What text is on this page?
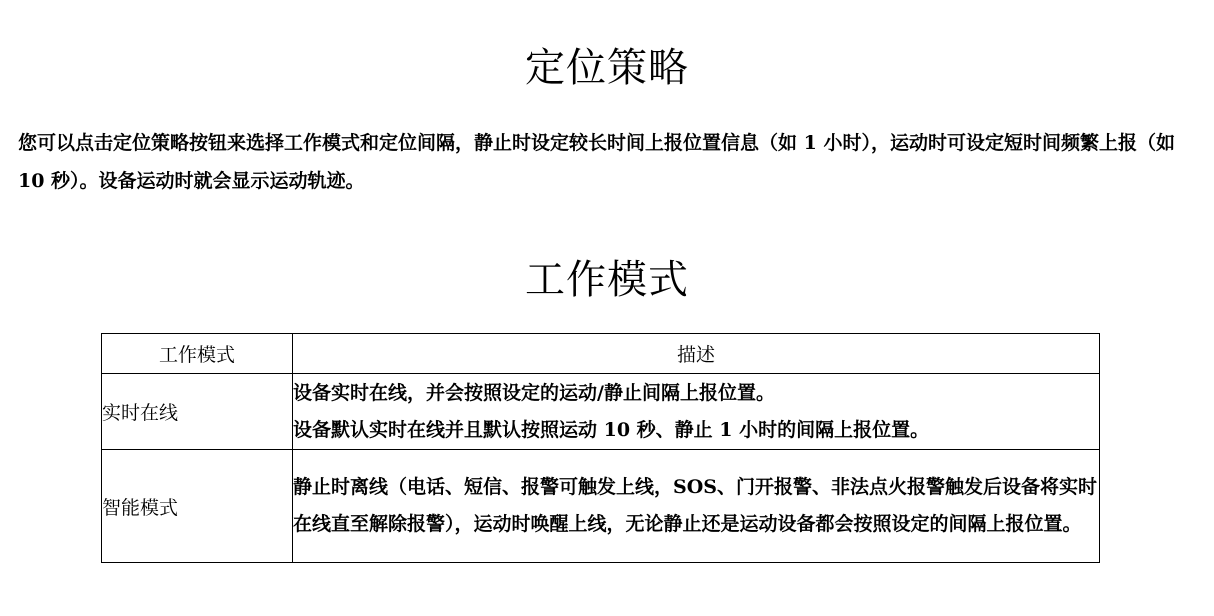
定位策略

您可以点击定位策略按钮来选择工作模式和定位间隔，静止时设定较长时间上报位置信息（如 1 小时），运动时可设定短时间频繁上报（如 10 秒）。设备运动时就会显示运动轨迹。

工作模式
工作模式	描述
实时在线	设备实时在线，并会按照设定的运动/静止间隔上报位置。
设备默认实时在线并且默认按照运动 10 秒、静止 1 小时的间隔上报位置。

智能模式	静止时离线（电话、短信、报警可触发上线，SOS、门开报警、非法点火报警触发后设备将实时在线直至解除报警），运动时唤醒上线，无论静止还是运动设备都会按照设定的间隔上报位置。
